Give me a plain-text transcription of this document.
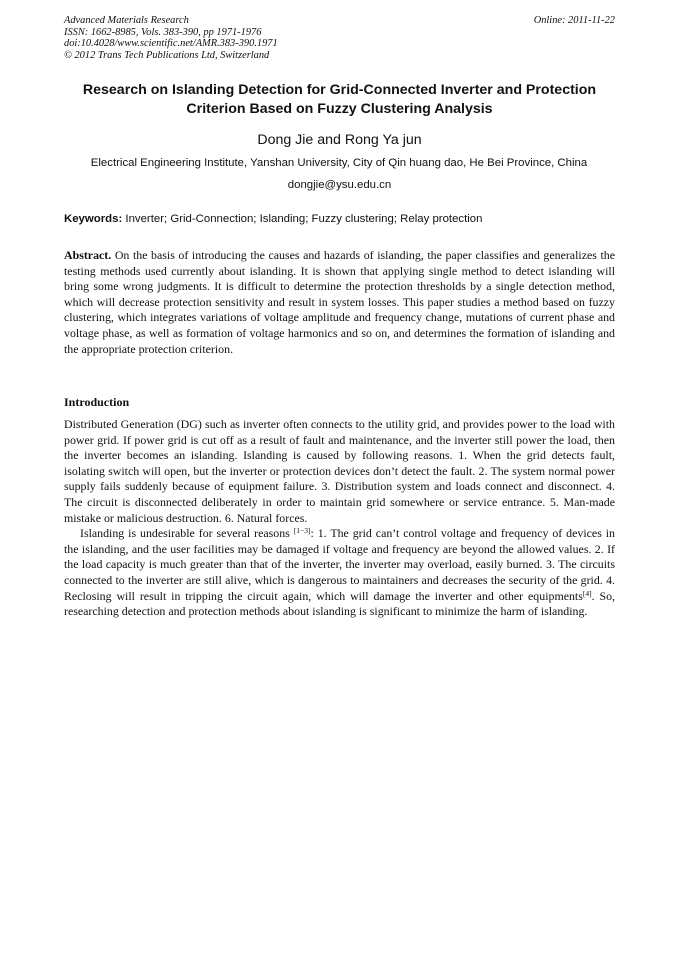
Advanced Materials Research
ISSN: 1662-8985, Vols. 383-390, pp 1971-1976
doi:10.4028/www.scientific.net/AMR.383-390.1971
© 2012 Trans Tech Publications Ltd, Switzerland
Online: 2011-11-22
Research on Islanding Detection for Grid-Connected Inverter and Protection Criterion Based on Fuzzy Clustering Analysis
Dong Jie and Rong Ya jun
Electrical Engineering Institute, Yanshan University, City of Qin huang dao, He Bei Province, China
dongjie@ysu.edu.cn
Keywords: Inverter; Grid-Connection; Islanding; Fuzzy clustering; Relay protection
Abstract. On the basis of introducing the causes and hazards of islanding, the paper classifies and generalizes the testing methods used currently about islanding. It is shown that applying single method to detect islanding will bring some wrong judgments. It is difficult to determine the protection thresholds by a single detection method, which will decrease protection sensitivity and result in system losses. This paper studies a method based on fuzzy clustering, which integrates variations of voltage amplitude and frequency change, mutations of current phase and voltage phase, as well as formation of voltage harmonics and so on, and determines the formation of islanding and the appropriate protection criterion.
Introduction

Distributed Generation (DG) such as inverter often connects to the utility grid, and provides power to the load with power grid. If power grid is cut off as a result of fault and maintenance, and the inverter still power the load, then the inverter becomes an islanding. Islanding is caused by following reasons. 1. When the grid detects fault, isolating switch will open, but the inverter or protection devices don’t detect the fault. 2. The system normal power supply fails suddenly because of equipment failure. 3. Distribution system and loads connect and disconnect. 4. The circuit is disconnected deliberately in order to maintain grid somewhere or service entrance. 5. Man-made mistake or malicious destruction. 6. Natural forces.

Islanding is undesirable for several reasons [1−3]: 1. The grid can’t control voltage and frequency of devices in the islanding, and the user facilities may be damaged if voltage and frequency are beyond the allowed values. 2. If the load capacity is much greater than that of the inverter, the inverter may overload, easily burned. 3. The circuits connected to the inverter are still alive, which is dangerous to maintainers and decreases the security of the grid. 4. Reclosing will result in tripping the circuit again, which will damage the inverter and other equipments[4]. So, researching detection and protection methods about islanding is significant to minimize the harm of islanding.
